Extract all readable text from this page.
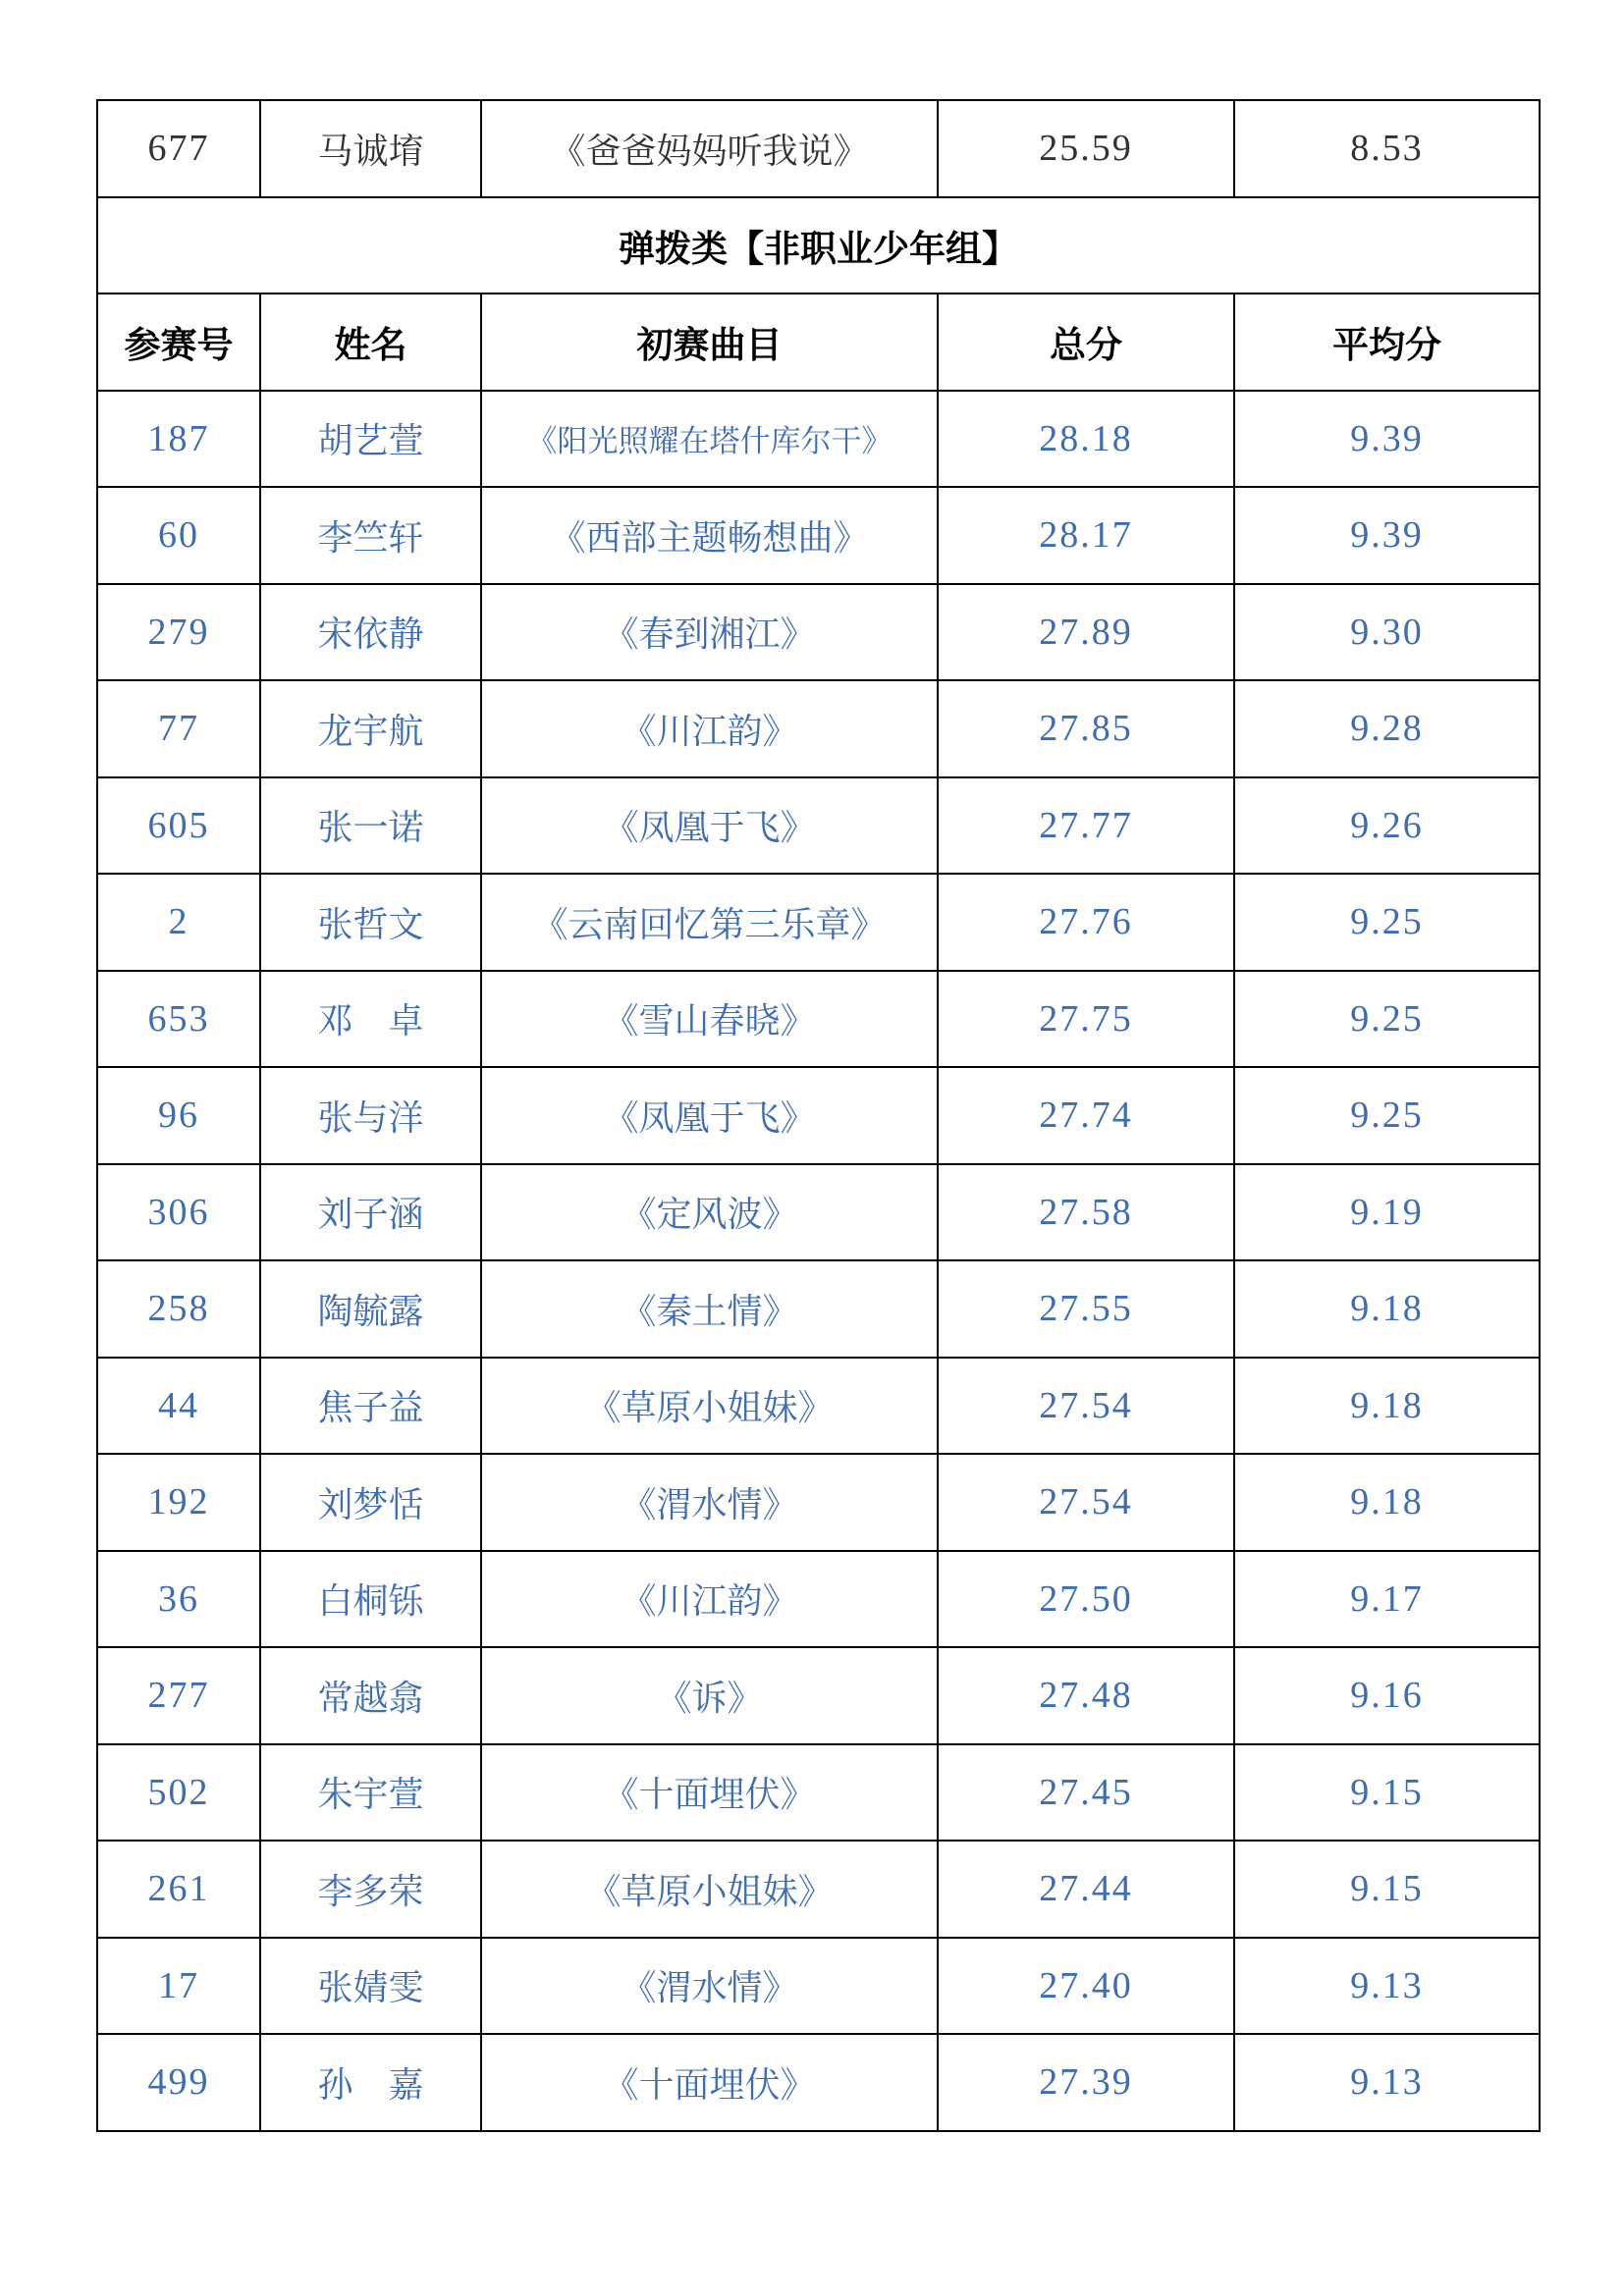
677	马诚堉	《爸爸妈妈听我说》	25.59	8.53
弹拨类【非职业少年组】
参赛号	姓名	初赛曲目	总分	平均分
187	胡艺萱	《阳光照耀在塔什库尔干》	28.18	9.39
60	李竺轩	《西部主题畅想曲》	28.17	9.39
279	宋依静	《春到湘江》	27.89	9.30
77	龙宇航	《川江韵》	27.85	9.28
605	张一诺	《凤凰于飞》	27.77	9.26
2	张哲文	《云南回忆第三乐章》	27.76	9.25
653	邓　卓	《雪山春晓》	27.75	9.25
96	张与洋	《凤凰于飞》	27.74	9.25
306	刘子涵	《定风波》	27.58	9.19
258	陶毓露	《秦土情》	27.55	9.18
44	焦子益	《草原小姐妹》	27.54	9.18
192	刘梦恬	《渭水情》	27.54	9.18
36	白桐铄	《川江韵》	27.50	9.17
277	常越翕	《诉》	27.48	9.16
502	朱宇萱	《十面埋伏》	27.45	9.15
261	李多荣	《草原小姐妹》	27.44	9.15
17	张婧雯	《渭水情》	27.40	9.13
499	孙　嘉	《十面埋伏》	27.39	9.13
